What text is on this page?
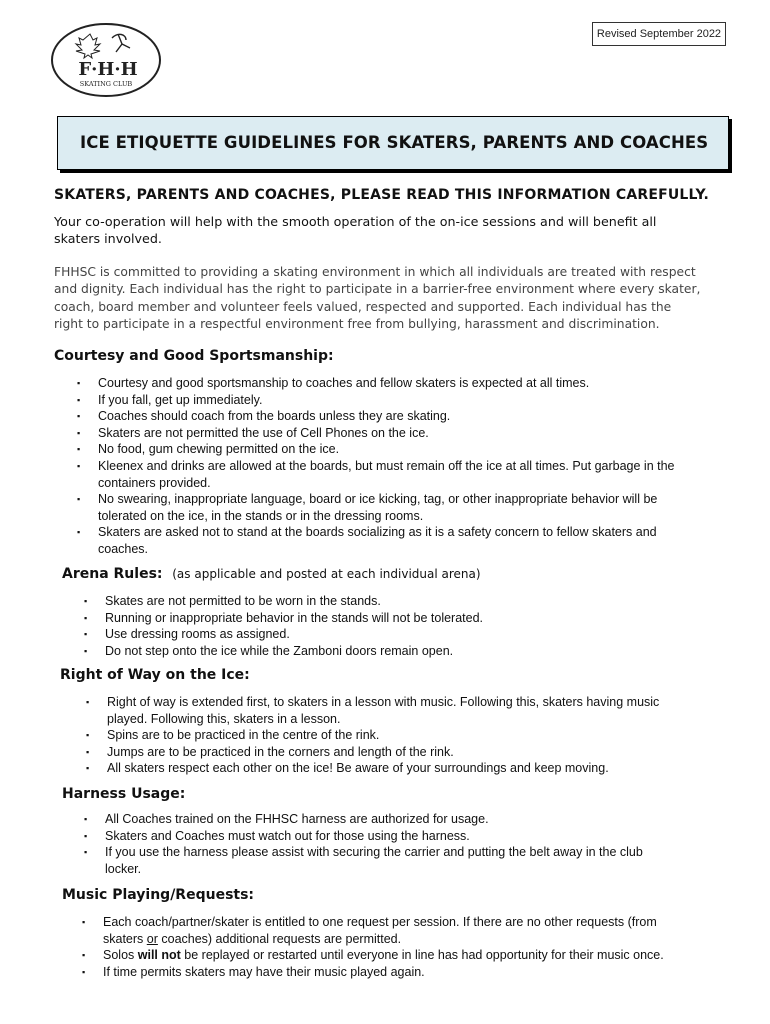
F·H·H
SKATING CLUB
Revised September 2022
ICE ETIQUETTE GUIDELINES FOR SKATERS, PARENTS AND COACHES
SKATERS, PARENTS AND COACHES, PLEASE READ THIS INFORMATION CAREFULLY.

Your co-operation will help with the smooth operation of the on-ice sessions and will benefit all skaters involved.

FHHSC is committed to providing a skating environment in which all individuals are treated with respect and dignity. Each individual has the right to participate in a barrier-free environment where every skater, coach, board member and volunteer feels valued, respected and supported. Each individual has the right to participate in a respectful environment free from bullying, harassment and discrimination.

Courtesy and Good Sportsmanship:
▪ Courtesy and good sportsmanship to coaches and fellow skaters is expected at all times.
▪ If you fall, get up immediately.
▪ Coaches should coach from the boards unless they are skating.
▪ Skaters are not permitted the use of Cell Phones on the ice.
▪ No food, gum chewing permitted on the ice.
▪ Kleenex and drinks are allowed at the boards, but must remain off the ice at all times. Put garbage in the containers provided.
▪ No swearing, inappropriate language, board or ice kicking, tag, or other inappropriate behavior will be tolerated on the ice, in the stands or in the dressing rooms.
▪ Skaters are asked not to stand at the boards socializing as it is a safety concern to fellow skaters and coaches.
Arena Rules: (as applicable and posted at each individual arena)
▪ Skates are not permitted to be worn in the stands.
▪ Running or inappropriate behavior in the stands will not be tolerated.
▪ Use dressing rooms as assigned.
▪ Do not step onto the ice while the Zamboni doors remain open.
Right of Way on the Ice:
▪ Right of way is extended first, to skaters in a lesson with music. Following this, skaters having music played. Following this, skaters in a lesson.
▪ Spins are to be practiced in the centre of the rink.
▪ Jumps are to be practiced in the corners and length of the rink.
▪ All skaters respect each other on the ice! Be aware of your surroundings and keep moving.
Harness Usage:
▪ All Coaches trained on the FHHSC harness are authorized for usage.
▪ Skaters and Coaches must watch out for those using the harness.
▪ If you use the harness please assist with securing the carrier and putting the belt away in the club locker.
Music Playing/Requests:
▪ Each coach/partner/skater is entitled to one request per session. If there are no other requests (from skaters or coaches) additional requests are permitted.
▪ Solos will not be replayed or restarted until everyone in line has had opportunity for their music once.
▪ If time permits skaters may have their music played again.
